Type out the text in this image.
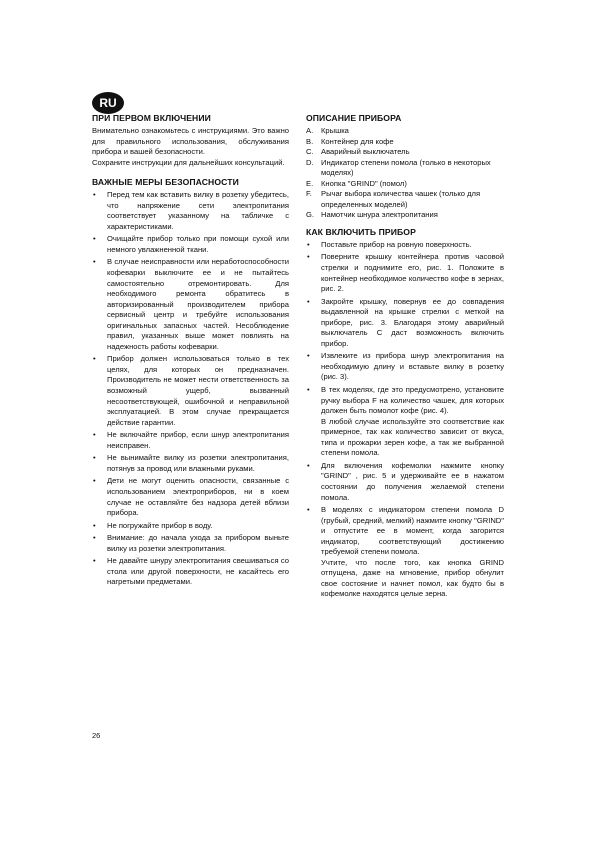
RU
ПРИ ПЕРВОМ ВКЛЮЧЕНИИ

Внимательно ознакомьтесь с инструкциями. Это важно для правильного использования, обслуживания прибора и вашей безопасности.

Сохраните инструкции для дальнейших консультаций.

ВАЖНЫЕ МЕРЫ БЕЗОПАСНОСТИ
• Перед тем как вставить вилку в розетку убедитесь, что напряжение сети электропитания соответствует указанному на табличке с характеристиками.
• Очищайте прибор только при помощи сухой или немного увлажненной ткани.
• В случае неисправности или неработоспособности кофеварки выключите ее и не пытайтесь самостоятельно отремонтировать. Для необходимого ремонта обратитесь в авторизированный производителем прибора сервисный центр и требуйте использования оригинальных запасных частей. Несоблюдение правил, указанных выше может повлиять на надежность работы кофеварки.
• Прибор должен использоваться только в тех целях, для которых он предназначен. Производитель не может нести ответственность за возможный ущерб, вызванный несоответствующей, ошибочной и неправильной эксплуатацией. В этом случае прекращается действие гарантии.
• Не включайте прибор, если шнур электропитания неисправен.
• Не вынимайте вилку из розетки электропитания, потянув за провод или влажными руками.
• Дети не могут оценить опасности, связанные с использованием электроприборов, ни в коем случае не оставляйте без надзора детей вблизи прибора.
• Не погружайте прибор в воду.
• Внимание: до начала ухода за прибором выньте вилку из розетки электропитания.
• Не давайте шнуру электропитания свешиваться со стола или другой поверхности, не касайтесь его нагретыми предметами.
ОПИСАНИЕ ПРИБОРА
A. Крышка
B. Контейнер для кофе
C. Аварийный выключатель
D. Индикатор степени помола (только в некоторых моделях)
E. Кнопка "GRIND" (помол)
F. Рычаг выбора количества чашек (только для определенных моделей)
G. Намотчик шнура электропитания
КАК ВКЛЮЧИТЬ ПРИБОР
• Поставьте прибор на ровную поверхность.
• Поверните крышку контейнера против часовой стрелки и поднимите его, рис. 1. Положите в контейнер необходимое количество кофе в зернах, рис. 2.
• Закройте крышку, повернув ее до совпадения выдавленной на крышке стрелки с меткой на приборе, рис. 3. Благодаря этому аварийный выключатель C даст возможность включить прибор.
• Извлеките из прибора шнур электропитания на необходимую длину и вставьте вилку в розетку (рис. 3).
• В тех моделях, где это предусмотрено, установите ручку выбора F на количество чашек, для которых должен быть помолот кофе (рис. 4).
В любой случае используйте это соответствие как примерное, так как количество зависит от вкуса, типа и прожарки зерен кофе, а так же выбранной степени помола.
• Для включения кофемолки нажмите кнопку "GRIND" , рис. 5 и удерживайте ее в нажатом состоянии до получения желаемой степени помола.
• В моделях с индикатором степени помола D (грубый, средний, мелкий) нажмите кнопку "GRIND" и отпустите ее в момент, когда загорится индикатор, соответствующий достижению требуемой степени помола.
Учтите, что после того, как кнопка GRIND отпущена, даже на мгновение, прибор обнулит свое состояние и начнет помол, как будто бы в кофемолке находятся целые зерна.
26
